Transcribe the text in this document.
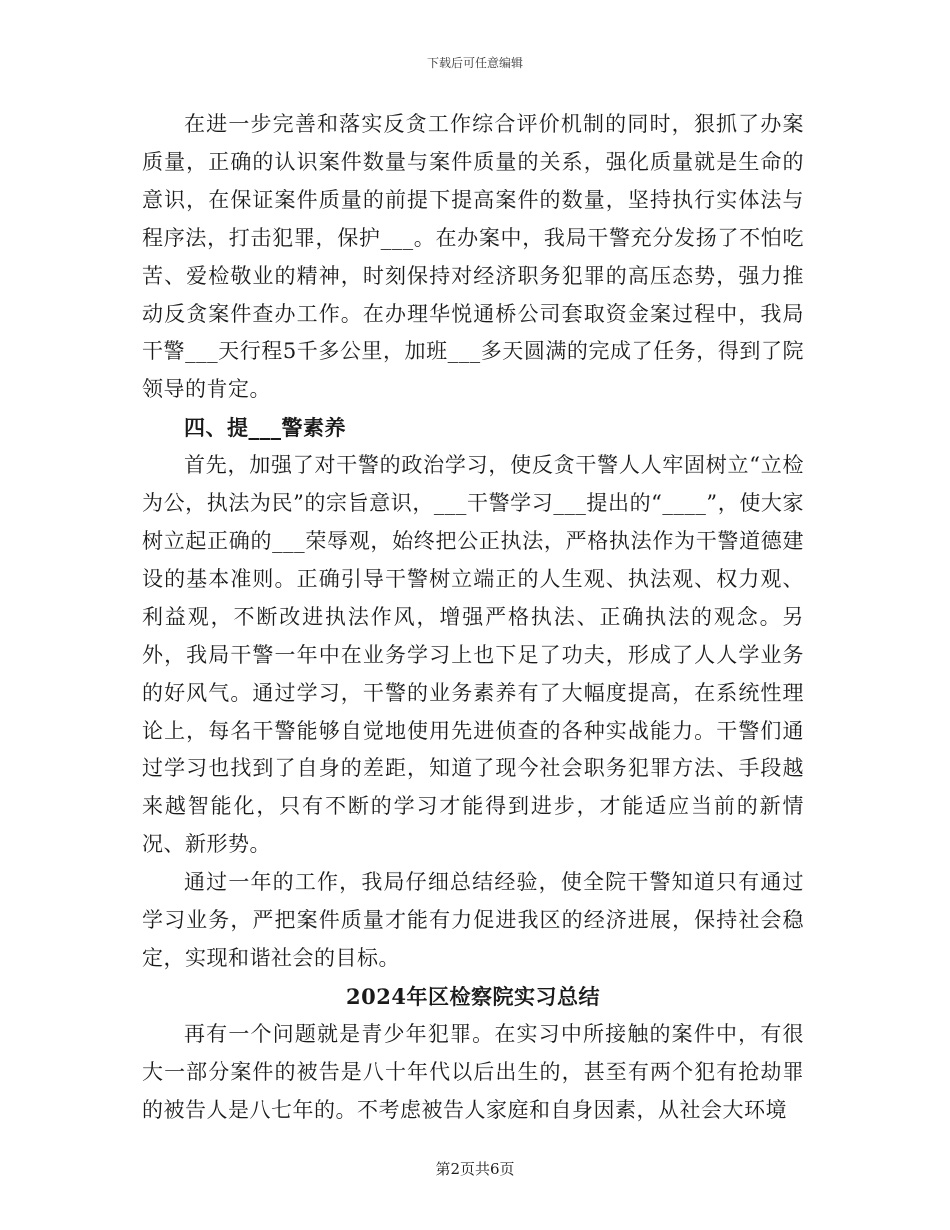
下载后可任意编辑

在进一步完善和落实反贪工作综合评价机制的同时，狠抓了办案质量，正确的认识案件数量与案件质量的关系，强化质量就是生命的意识，在保证案件质量的前提下提高案件的数量，坚持执行实体法与程序法，打击犯罪，保护___。在办案中，我局干警充分发扬了不怕吃苦、爱检敬业的精神，时刻保持对经济职务犯罪的高压态势，强力推动反贪案件查办工作。在办理华悦通桥公司套取资金案过程中，我局干警___天行程5千多公里，加班___多天圆满的完成了任务，得到了院领导的肯定。

四、提___警素养

首先，加强了对干警的政治学习，使反贪干警人人牢固树立“立检为公，执法为民”的宗旨意识，___干警学习___提出的“____”，使大家树立起正确的___荣辱观，始终把公正执法，严格执法作为干警道德建设的基本准则。正确引导干警树立端正的人生观、执法观、权力观、利益观，不断改进执法作风，增强严格执法、正确执法的观念。另外，我局干警一年中在业务学习上也下足了功夫，形成了人人学业务的好风气。通过学习，干警的业务素养有了大幅度提高，在系统性理论上，每名干警能够自觉地使用先进侦查的各种实战能力。干警们通过学习也找到了自身的差距，知道了现今社会职务犯罪方法、手段越来越智能化，只有不断的学习才能得到进步，才能适应当前的新情况、新形势。

通过一年的工作，我局仔细总结经验，使全院干警知道只有通过学习业务，严把案件质量才能有力促进我区的经济进展，保持社会稳定，实现和谐社会的目标。

2024年区检察院实习总结

再有一个问题就是青少年犯罪。在实习中所接触的案件中，有很大一部分案件的被告是八十年代以后出生的，甚至有两个犯有抢劫罪的被告人是八七年的。不考虑被告人家庭和自身因素，从社会大环境

第2页共6页
